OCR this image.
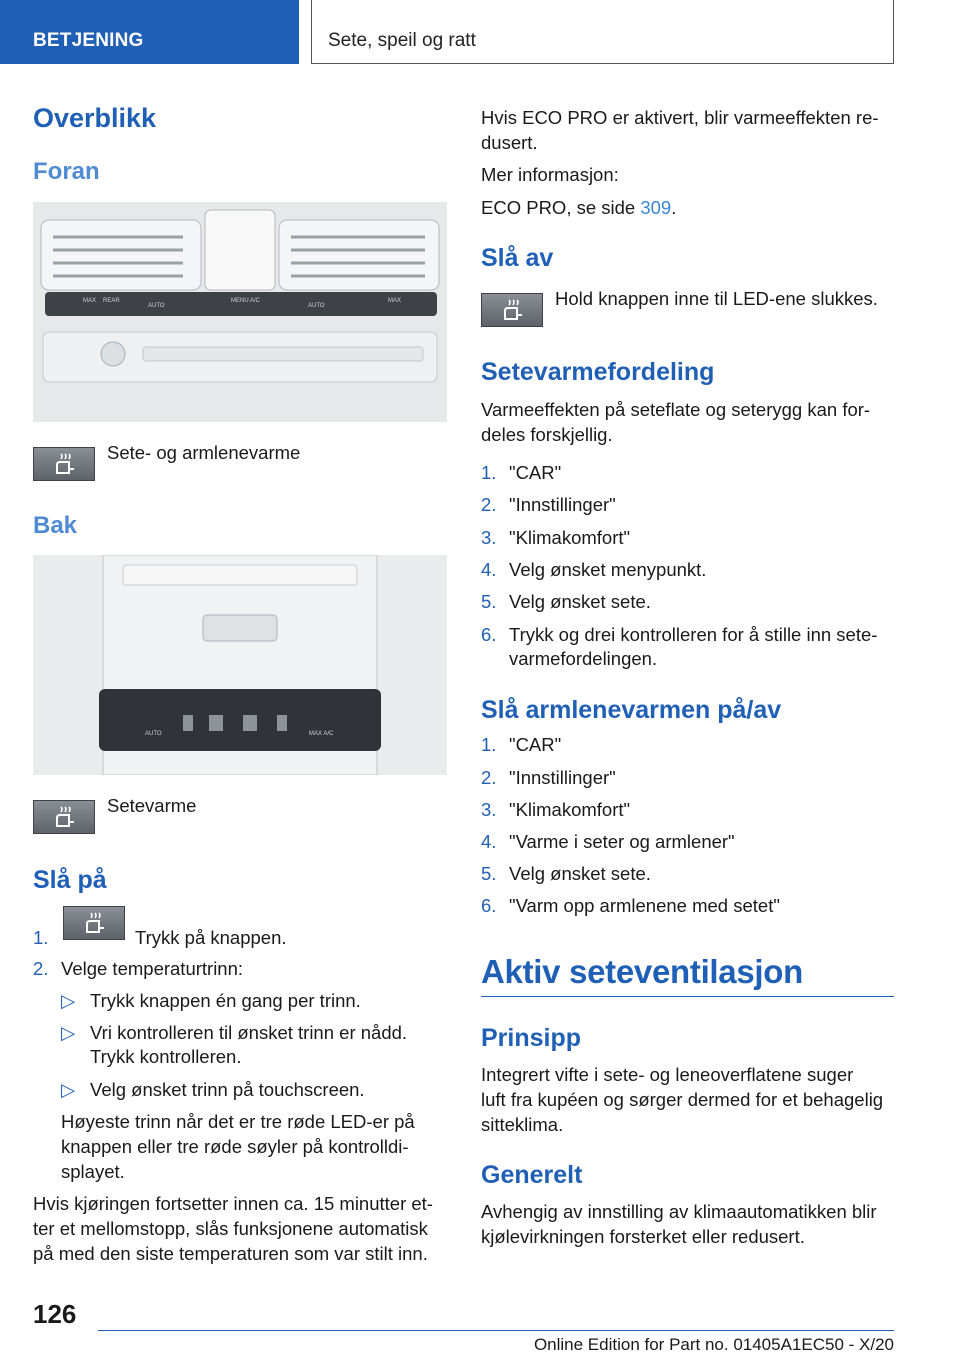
BETJENING	Sete, speil og ratt
Overblikk
Foran
MAX REAR
AUTO
MENU A/C
AUTO
MAX

Sete- og armlenevarme

Bak
AUTO	MAX A/C

Setevarme

Slå på

1.	Trykk på knappen.

2. Velge temperaturtrinn:

▷ Trykk knappen én gang per trinn.

▷ Vri kontrolleren til ønsket trinn er nådd.

Trykk kontrolleren.

▷ Velg ønsket trinn på touchscreen.

Høyeste trinn når det er tre røde LED-er på

knappen eller tre røde søyler på kontrolldi-

splayet.

Hvis kjøringen fortsetter innen ca. 15 minutter et-

ter et mellomstopp, slås funksjonene automatisk

på med den siste temperaturen som var stilt inn.

Hvis ECO PRO er aktivert, blir varmeeffekten re-

dusert.

Mer informasjon:

ECO PRO, se side 309.

Slå av

Hold knappen inne til LED-ene slukkes.

Setevarmefordeling

Varmeeffekten på seteflate og seterygg kan for-

deles forskjellig.

1. "CAR"

2. "Innstillinger"

3. "Klimakomfort"

4. Velg ønsket menypunkt.

5. Velg ønsket sete.

6. Trykk og drei kontrolleren for å stille inn sete-

varmefordelingen.

Slå armlenevarmen på/av

1. "CAR"

2. "Innstillinger"

3. "Klimakomfort"

4. "Varme i seter og armlener"

5. Velg ønsket sete.

6. "Varm opp armlenene med setet"

Aktiv seteventilasjon
Prinsipp

Integrert vifte i sete- og leneoverflatene suger

luft fra kupéen og sørger dermed for et behagelig

sitteklima.

Generelt

Avhengig av innstilling av klimaautomatikken blir

kjølevirkningen forsterket eller redusert.

126

Online Edition for Part no. 01405A1EC50 - X/20
